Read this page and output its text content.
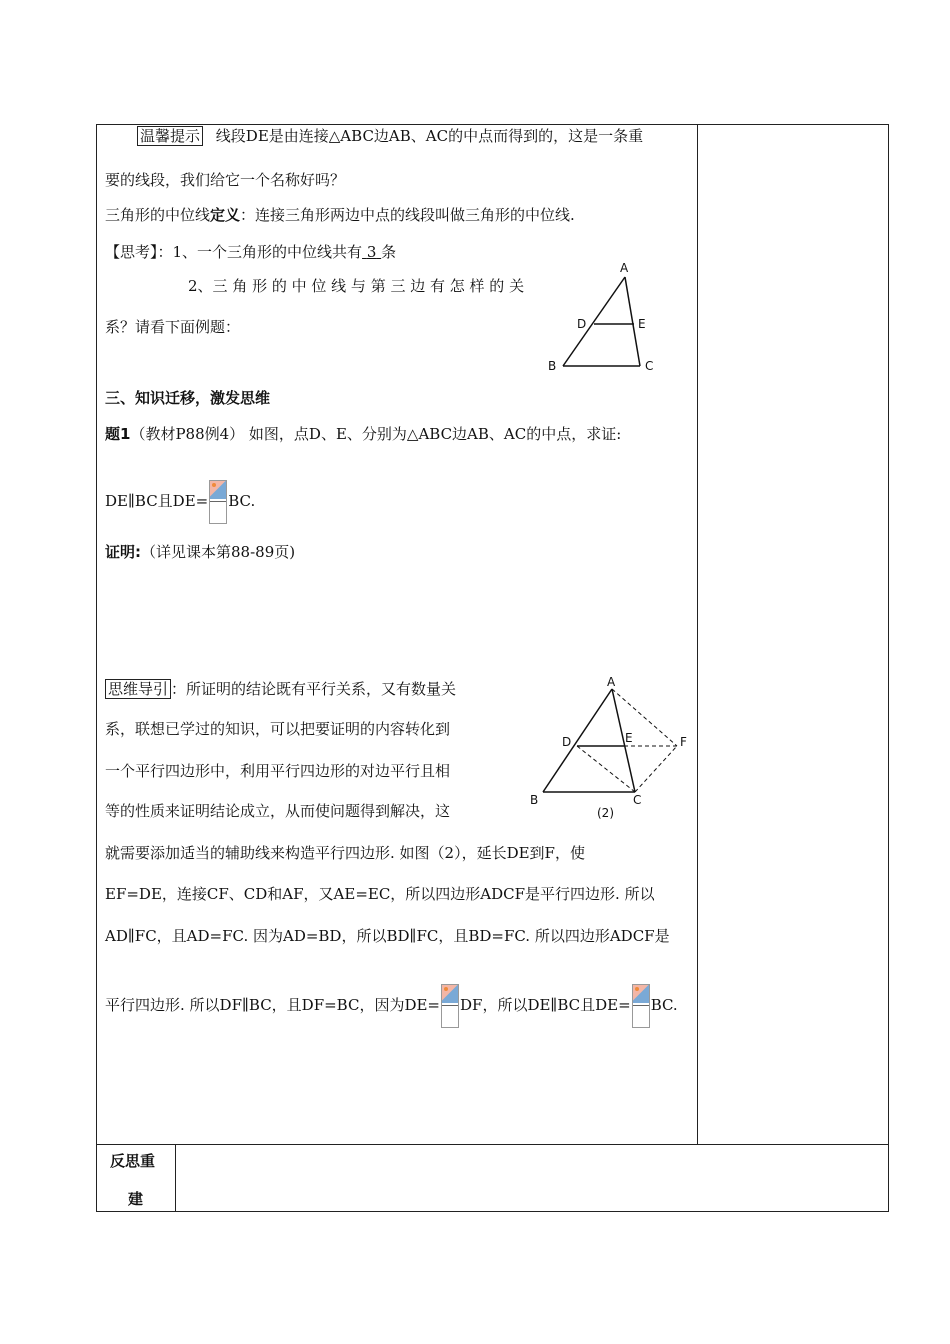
温馨提示 线段DE是由连接△ABC边AB、AC的中点而得到的，这是一条重
要的线段，我们给它一个名称好吗？
三角形的中位线定义：连接三角形两边中点的线段叫做三角形的中位线.
【思考】：1、一个三角形的中位线共有 3 条
2、三 角 形 的 中 位 线 与 第 三 边 有 怎 样 的 关
系？请看下面例题：
A
D	E
B	C
三、知识迁移，激发思维
题1（教材P88例4） 如图，点D、E、分别为△ABC边AB、AC的中点，求证:
DE∥BC且DE= BC.
证明:（详见课本第88-89页)
思维导引 ：所证明的结论既有平行关系，又有数量关
系，联想已学过的知识，可以把要证明的内容转化到
一个平行四边形中，利用平行四边形的对边平行且相
等的性质来证明结论成立，从而使问题得到解决，这
就需要添加适当的辅助线来构造平行四边形. 如图（2），延长DE到F，使
EF=DE，连接CF、CD和AF，又AE=EC，所以四边形ADCF是平行四边形. 所以
AD∥FC，且AD=FC. 因为AD=BD，所以BD∥FC，且BD=FC. 所以四边形ADCF是
平行四边形. 所以DF∥BC，且DF=BC，因为DE= DF，所以DE∥BC且DE= BC.
A
D	E	F
B	C
(2)
反思重
建
